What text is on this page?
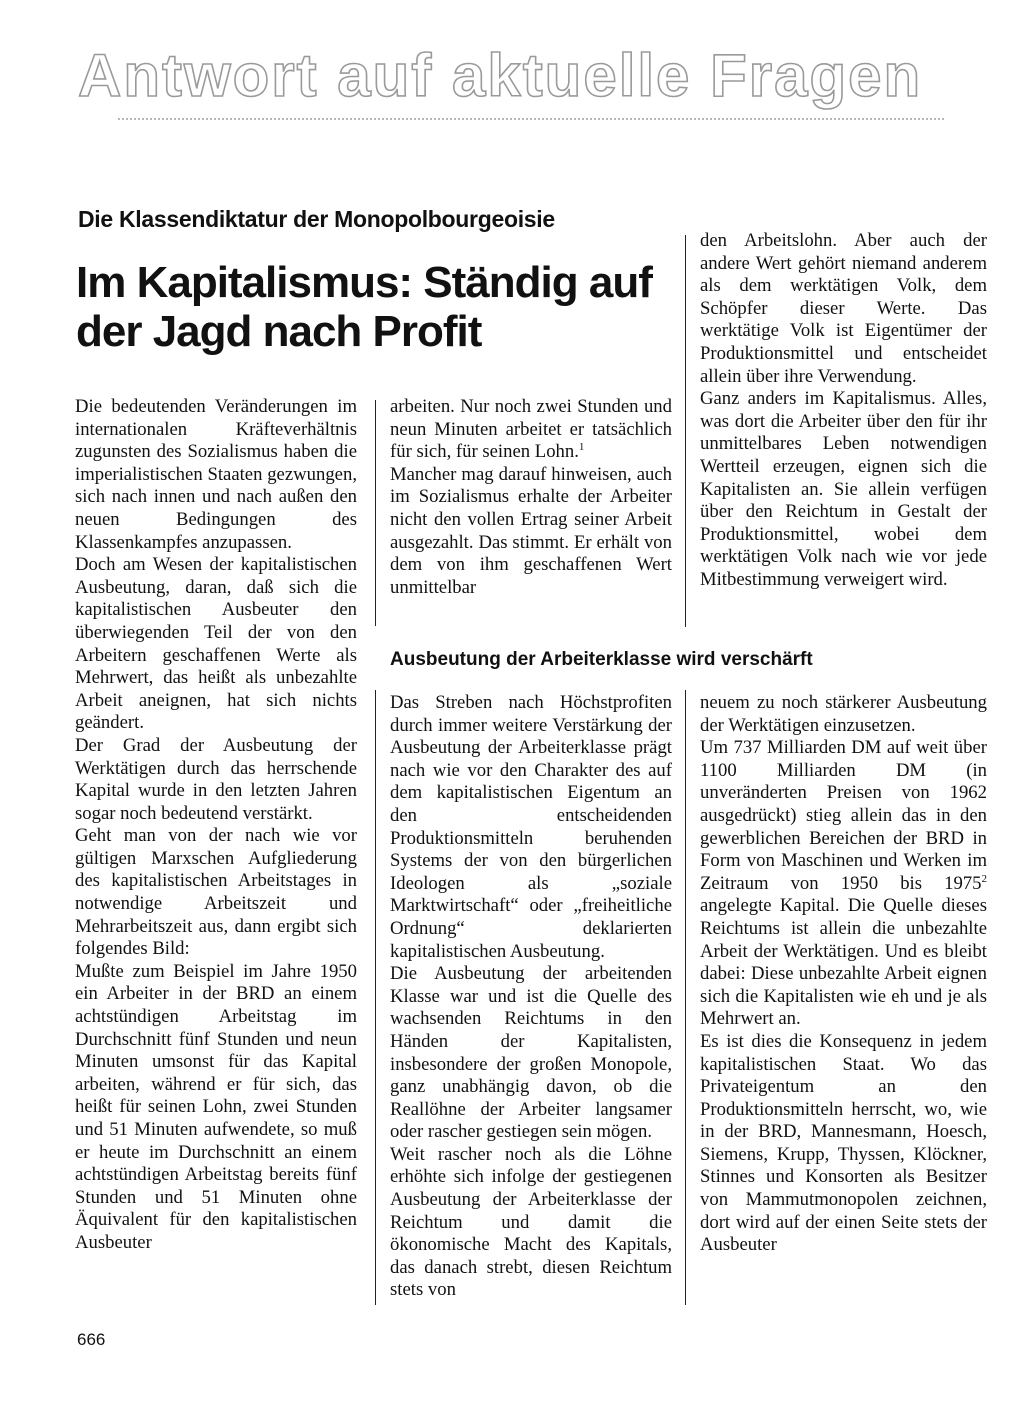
Antwort auf aktuelle Fragen
Die Klassendiktatur der Monopolbourgeoisie
Im Kapitalismus: Ständig auf der Jagd nach Profit

Die bedeutenden Veränderungen im internationalen Kräfteverhältnis zugunsten des Sozialismus haben die imperialistischen Staaten gezwungen, sich nach innen und nach außen den neuen Bedingungen des Klassenkampfes anzupassen.

Doch am Wesen der kapitalistischen Ausbeutung, daran, daß sich die kapitalistischen Ausbeuter den überwiegenden Teil der von den Arbeitern geschaffenen Werte als Mehrwert, das heißt als unbezahlte Arbeit aneignen, hat sich nichts geändert.

Der Grad der Ausbeutung der Werktätigen durch das herrschende Kapital wurde in den letzten Jahren sogar noch bedeutend verstärkt.

Geht man von der nach wie vor gültigen Marxschen Aufgliederung des kapitalistischen Arbeitstages in notwendige Arbeitszeit und Mehrarbeitszeit aus, dann ergibt sich folgendes Bild:

Mußte zum Beispiel im Jahre 1950 ein Arbeiter in der BRD an einem achtstündigen Arbeitstag im Durchschnitt fünf Stunden und neun Minuten umsonst für das Kapital arbeiten, während er für sich, das heißt für seinen Lohn, zwei Stunden und 51 Minuten aufwendete, so muß er heute im Durchschnitt an einem achtstündigen Arbeitstag bereits fünf Stunden und 51 Minuten ohne Äquivalent für den kapitalistischen Ausbeuter

arbeiten. Nur noch zwei Stunden und neun Minuten arbeitet er tatsächlich für sich, für seinen Lohn.$^1$

Mancher mag darauf hinweisen, auch im Sozialismus erhalte der Arbeiter nicht den vollen Ertrag seiner Arbeit ausgezahlt. Das stimmt. Er erhält von dem von ihm geschaffenen Wert unmittelbar

den Arbeitslohn. Aber auch der andere Wert gehört niemand anderem als dem werktätigen Volk, dem Schöpfer dieser Werte. Das werktätige Volk ist Eigentümer der Produktionsmittel und entscheidet allein über ihre Verwendung.

Ganz anders im Kapitalismus. Alles, was dort die Arbeiter über den für ihr unmittelbares Leben notwendigen Wertteil erzeugen, eignen sich die Kapitalisten an. Sie allein verfügen über den Reichtum in Gestalt der Produktionsmittel, wobei dem werktätigen Volk nach wie vor jede Mitbestimmung verweigert wird.

Ausbeutung der Arbeiterklasse wird verschärft

Das Streben nach Höchstprofiten durch immer weitere Verstärkung der Ausbeutung der Arbeiterklasse prägt nach wie vor den Charakter des auf dem kapitalistischen Eigentum an den entscheidenden Produktionsmitteln beruhenden Systems der von den bürgerlichen Ideologen als „soziale Marktwirtschaft“ oder „freiheitliche Ordnung“ deklarierten kapitalistischen Ausbeutung.

Die Ausbeutung der arbeitenden Klasse war und ist die Quelle des wachsenden Reichtums in den Händen der Kapitalisten, insbesondere der großen Monopole, ganz unabhängig davon, ob die Reallöhne der Arbeiter langsamer oder rascher gestiegen sein mögen.

Weit rascher noch als die Löhne erhöhte sich infolge der gestiegenen Ausbeutung der Arbeiterklasse der Reichtum und damit die ökonomische Macht des Kapitals, das danach strebt, diesen Reichtum stets von

neuem zu noch stärkerer Ausbeutung der Werktätigen einzusetzen.

Um 737 Milliarden DM auf weit über 1100 Milliarden DM (in unveränderten Preisen von 1962 ausgedrückt) stieg allein das in den gewerblichen Bereichen der BRD in Form von Maschinen und Werken im Zeitraum von 1950 bis 1975$^2$ angelegte Kapital. Die Quelle dieses Reichtums ist allein die unbezahlte Arbeit der Werktätigen. Und es bleibt dabei: Diese unbezahlte Arbeit eignen sich die Kapitalisten wie eh und je als Mehrwert an.

Es ist dies die Konsequenz in jedem kapitalistischen Staat. Wo das Privateigentum an den Produktionsmitteln herrscht, wo, wie in der BRD, Mannesmann, Hoesch, Siemens, Krupp, Thyssen, Klöckner, Stinnes und Konsorten als Besitzer von Mammutmonopolen zeichnen, dort wird auf der einen Seite stets der Ausbeuter

666
